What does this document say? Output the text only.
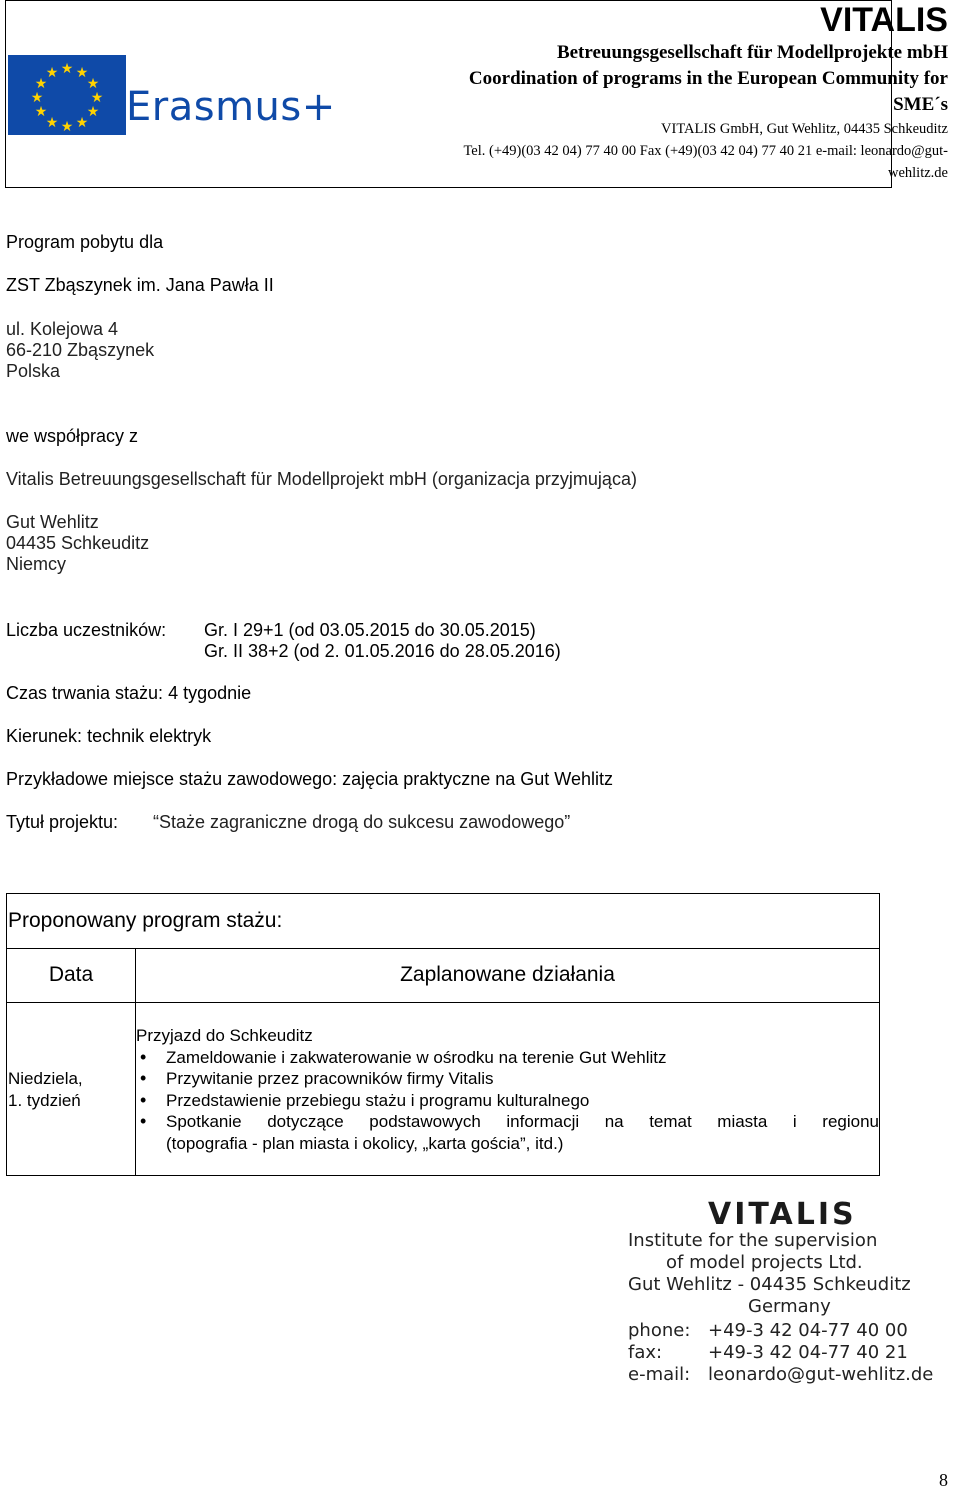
★ ★
★
★
★
★
★
★
★
★
★
★
Erasmus+
VITALIS
Betreuungsgesellschaft für Modellprojekte mbH
Coordination of programs in the European Community for
SME´s
VITALIS GmbH, Gut Wehlitz, 04435 Schkeuditz
Tel. (+49)(03 42 04) 77 40 00 Fax (+49)(03 42 04) 77 40 21 e-mail: leonardo@gut-
wehlitz.de
Program pobytu dla
ZST Zbąszynek im. Jana Pawła II
ul. Kolejowa 4
66-210 Zbąszynek
Polska
we współpracy z
Vitalis Betreuungsgesellschaft für Modellprojekt mbH (organizacja przyjmująca)
Gut Wehlitz
04435 Schkeuditz
Niemcy
Liczba uczestników: Gr. I 29+1 (od 03.05.2015 do 30.05.2015)
Gr. II 38+2 (od 2. 01.05.2016 do 28.05.2016)
Czas trwania stażu: 4 tygodnie
Kierunek: technik elektryk
Przykładowe miejsce stażu zawodowego: zajęcia praktyczne na Gut Wehlitz
Tytuł projektu: “Staże zagraniczne drogą do sukcesu zawodowego”
Proponowany program stażu:
Data	Zaplanowane działania
Niedziela,
1. tydzień
Przyjazd do Schkeuditz
• Zameldowanie i zakwaterowanie w ośrodku na terenie Gut Wehlitz
• Przywitanie przez pracowników firmy Vitalis
• Przedstawienie przebiegu stażu i programu kulturalnego
• Spotkanie dotyczące podstawowych informacji na temat miasta i regionu
(topografia - plan miasta i okolicy, „karta gościa”, itd.)
VITALIS
Institute for the supervision
of model projects Ltd.
Gut Wehlitz - 04435 Schkeuditz
Germany
phone: +49-3 42 04-77 40 00
fax:	+49-3 42 04-77 40 21
e-mail: leonardo@gut-wehlitz.de
8
